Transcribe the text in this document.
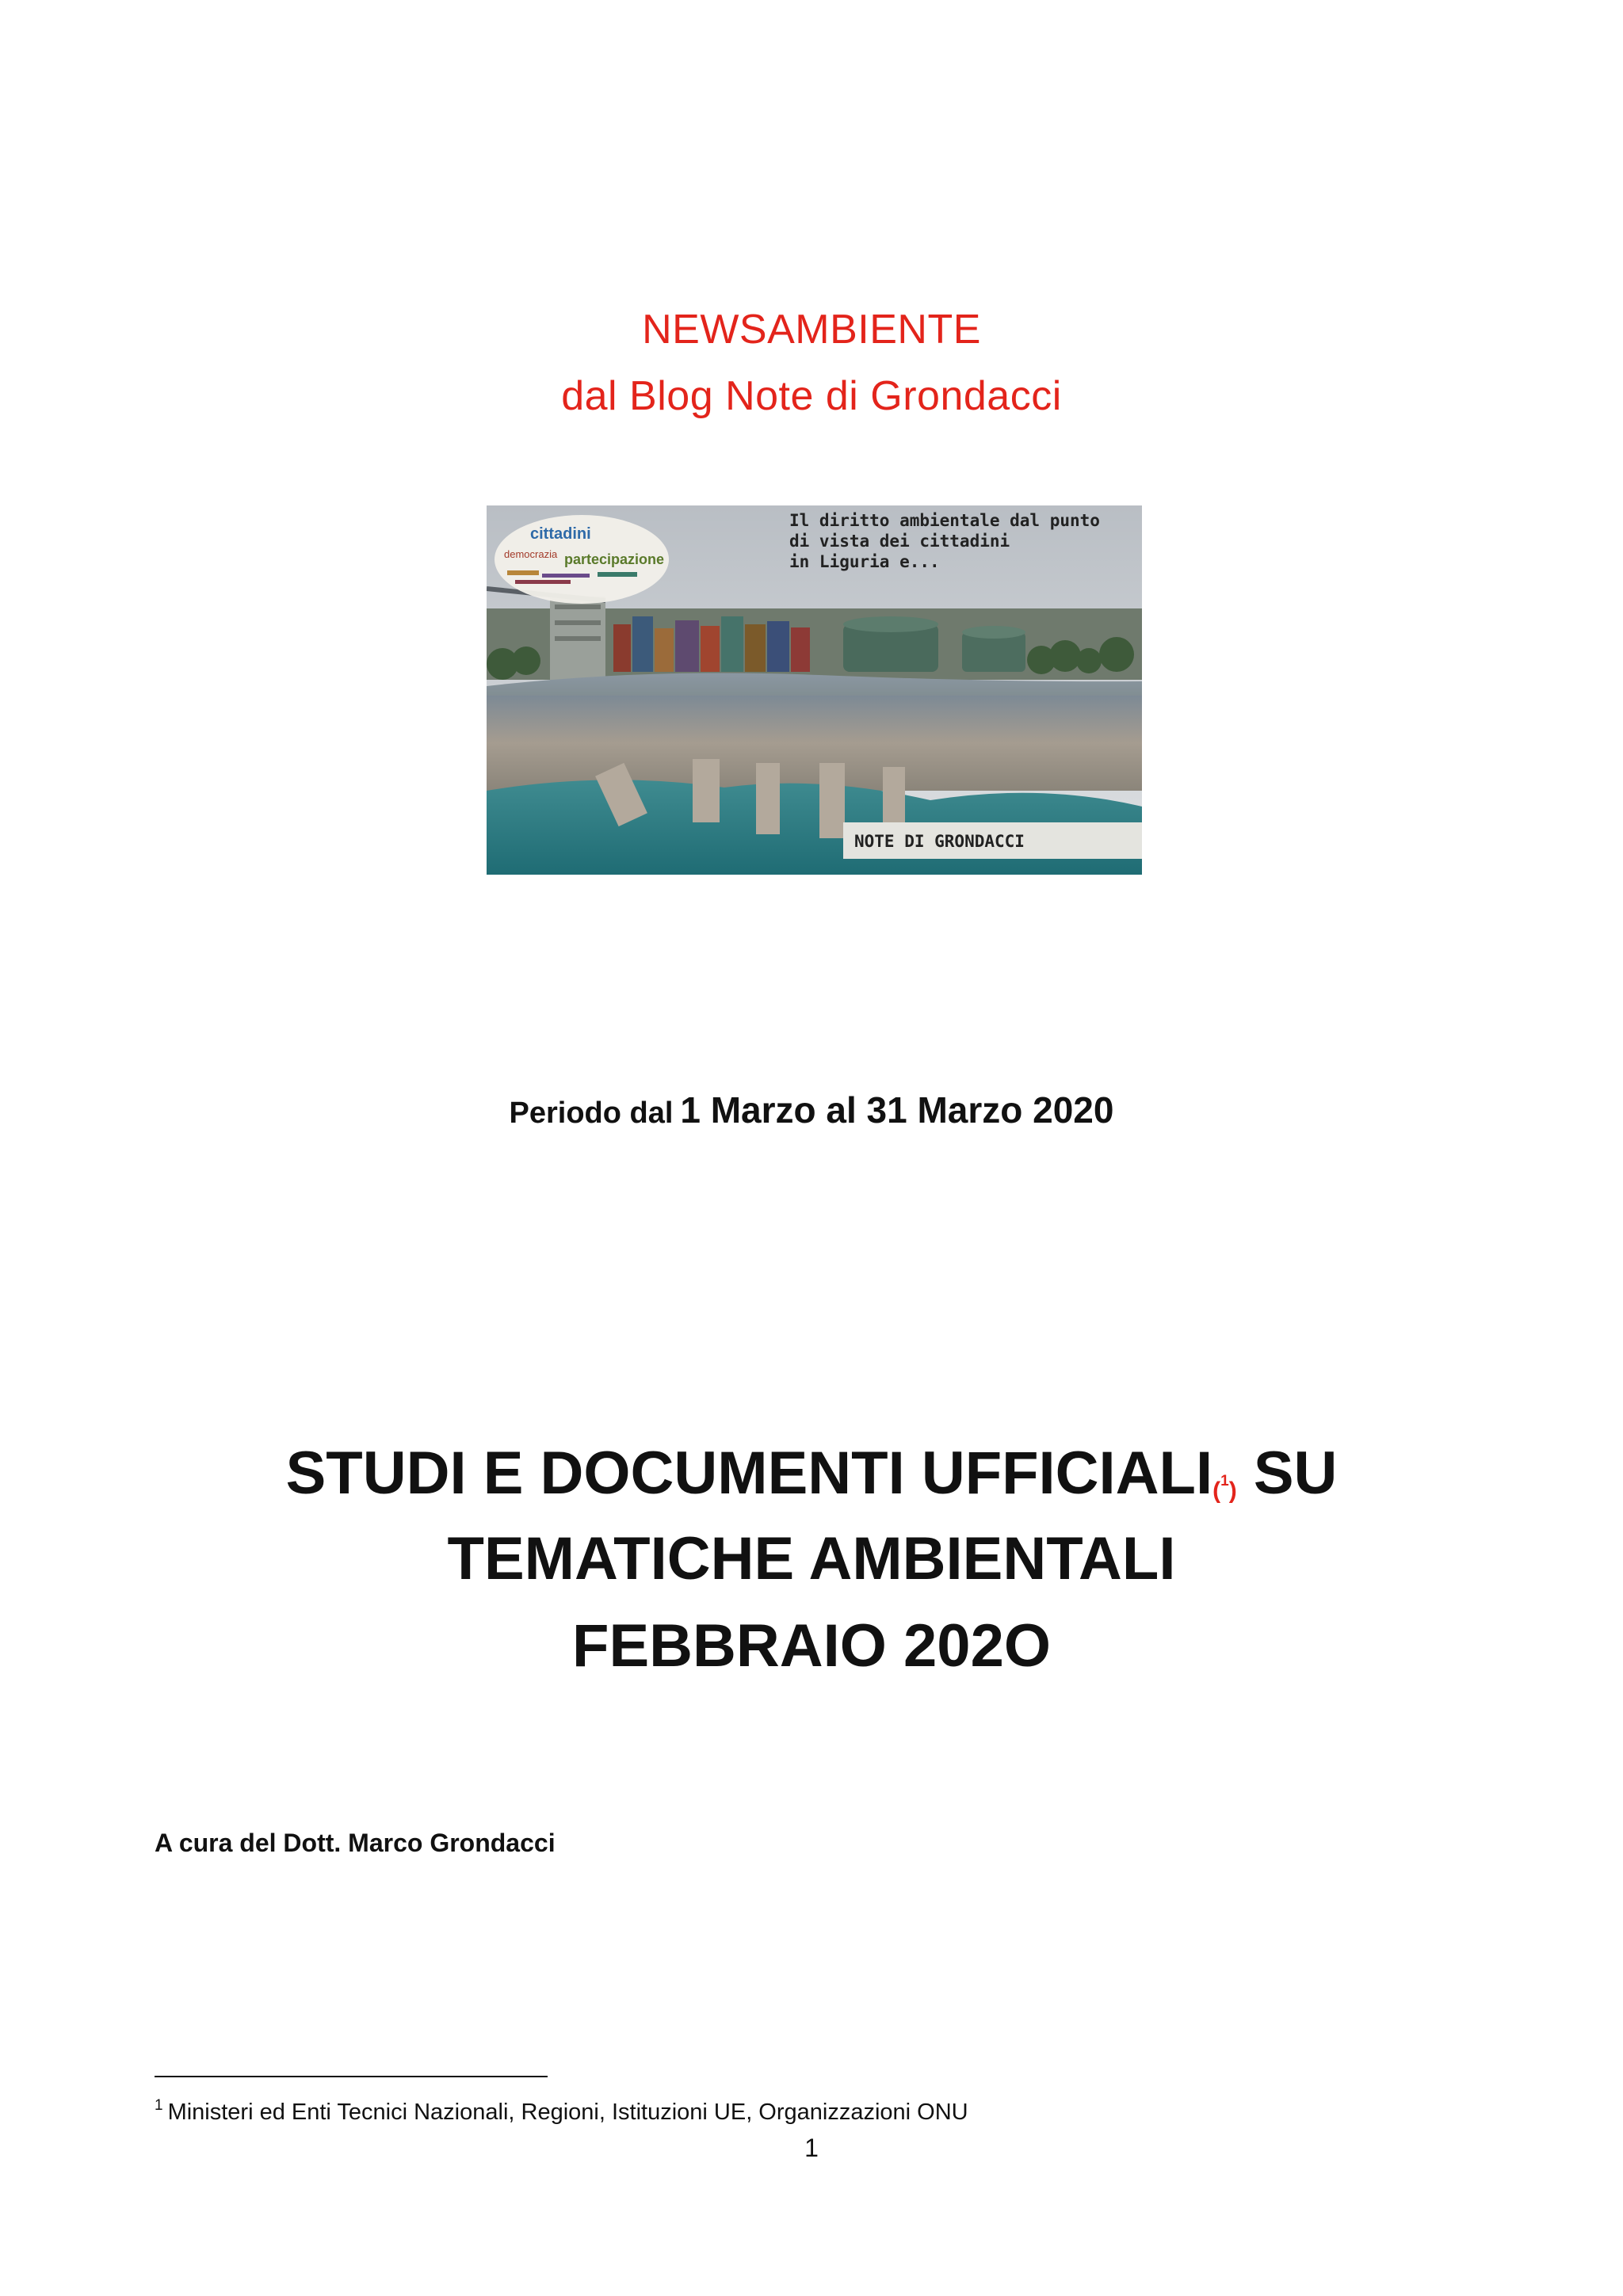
NEWSAMBIENTE
dal Blog Note di Grondacci
cittadini
democrazia partecipazione
Il diritto ambientale dal punto
di vista dei cittadini
in Liguria e...
NOTE DI GRONDACCI
Periodo dal 1 Marzo al 31 Marzo 2020
STUDI E DOCUMENTI UFFICIALI($^1$) SU
TEMATICHE AMBIENTALI
FEBBRAIO 202O
A cura del Dott. Marco Grondacci
$^1$ Ministeri ed Enti Tecnici Nazionali, Regioni, Istituzioni UE, Organizzazioni ONU
1
